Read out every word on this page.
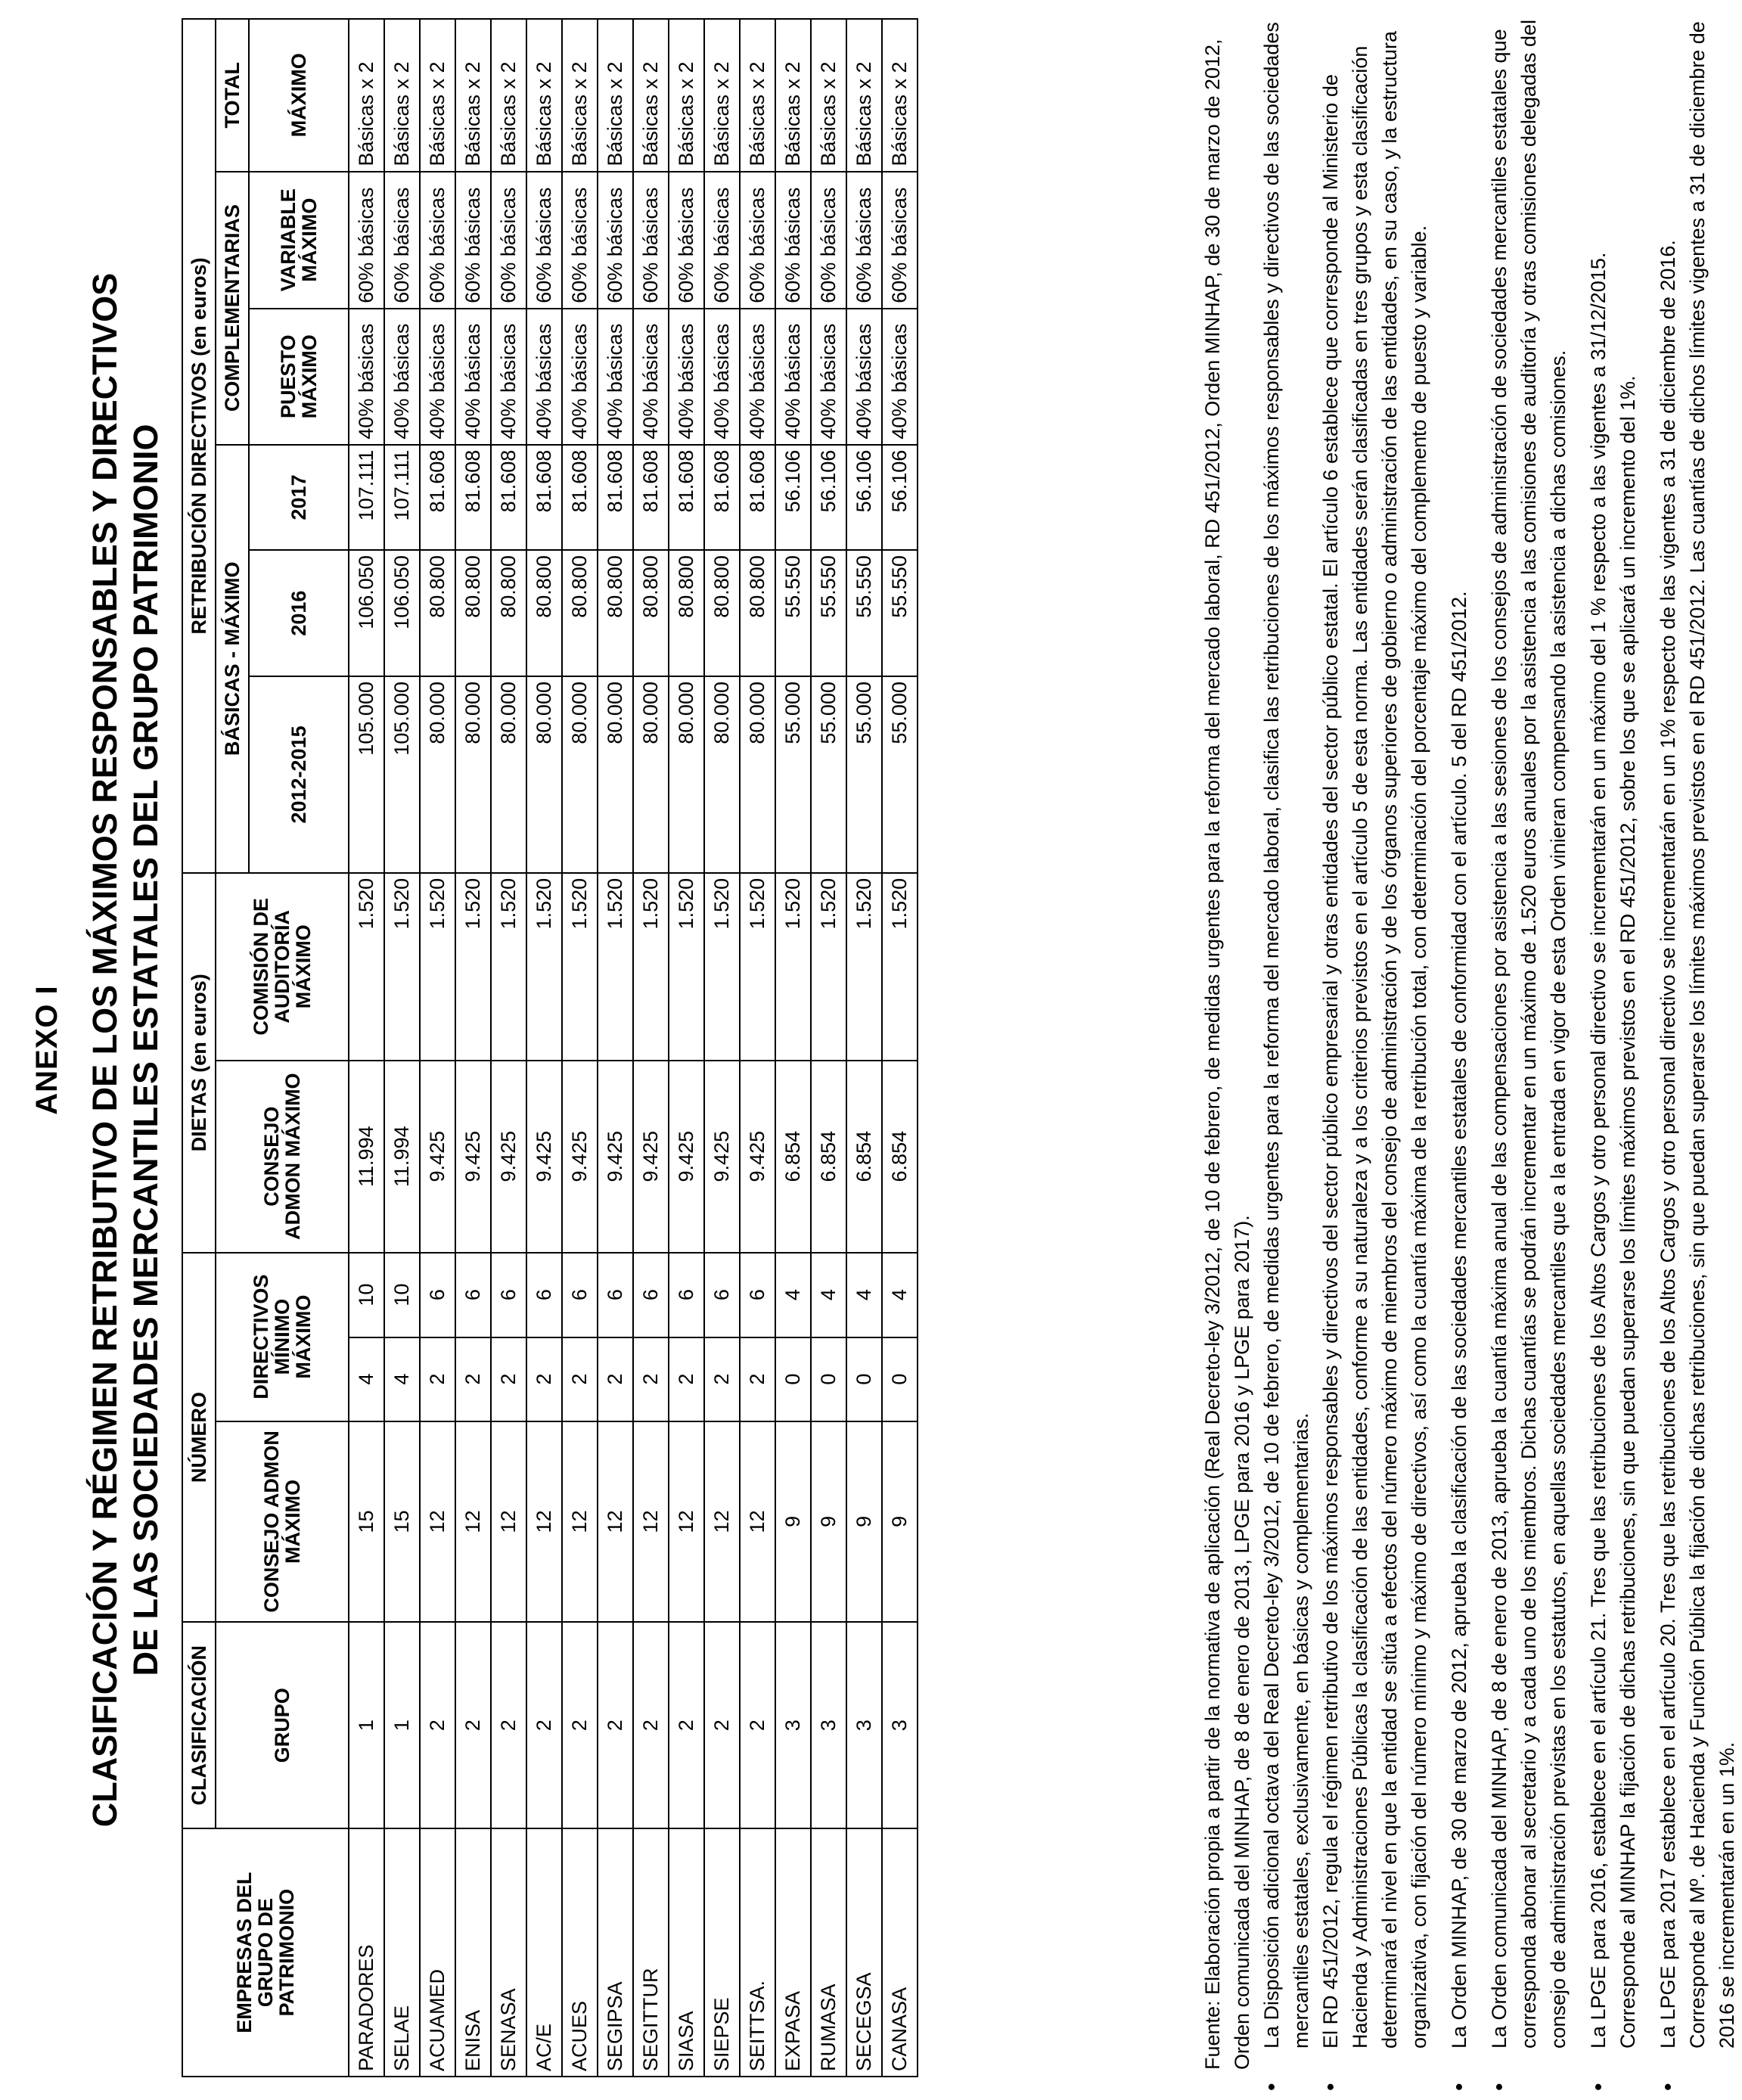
ANEXO I CLASIFICACIÓN Y RÉGIMEN RETRIBUTIVO DE LOS MÁXIMOS RESPONSABLES Y DIRECTIVOS DE LAS SOCIEDADES MERCANTILES ESTATALES DEL GRUPO PATRIMONIO
EMPRESAS DEL GRUPO DE PATRIMONIO	CLASIFICACIÓN	NÚMERO			DIETAS (en euros)		RETRIBUCIÓN DIRECTIVOS (en euros)					
	GRUPO	CONSEJO ADMON MÁXIMO	DIRECTIVOS MÍNIMO MÁXIMO		CONSEJO ADMON MÁXIMO	COMISIÓN DE AUDITORÍA MÁXIMO	BÁSICAS - MÁXIMO			COMPLEMENTARIAS		TOTAL
							2012-2015	2016	2017	PUESTO MÁXIMO	VARIABLE MÁXIMO	MÁXIMO
PARADORES	1	15	4	10	11.994	1.520	105.000	106.050	107.111	40% básicas	60% básicas	Básicas x 2
SELAE	1	15	4	10	11.994	1.520	105.000	106.050	107.111	40% básicas	60% básicas	Básicas x 2
ACUAMED	2	12	2	6	9.425	1.520	80.000	80.800	81.608	40% básicas	60% básicas	Básicas x 2
ENISA	2	12	2	6	9.425	1.520	80.000	80.800	81.608	40% básicas	60% básicas	Básicas x 2
SENASA	2	12	2	6	9.425	1.520	80.000	80.800	81.608	40% básicas	60% básicas	Básicas x 2
AC/E	2	12	2	6	9.425	1.520	80.000	80.800	81.608	40% básicas	60% básicas	Básicas x 2
ACUES	2	12	2	6	9.425	1.520	80.000	80.800	81.608	40% básicas	60% básicas	Básicas x 2
SEGIPSA	2	12	2	6	9.425	1.520	80.000	80.800	81.608	40% básicas	60% básicas	Básicas x 2
SEGITTUR	2	12	2	6	9.425	1.520	80.000	80.800	81.608	40% básicas	60% básicas	Básicas x 2
SIASA	2	12	2	6	9.425	1.520	80.000	80.800	81.608	40% básicas	60% básicas	Básicas x 2
SIEPSE	2	12	2	6	9.425	1.520	80.000	80.800	81.608	40% básicas	60% básicas	Básicas x 2
SEITTSA.	2	12	2	6	9.425	1.520	80.000	80.800	81.608	40% básicas	60% básicas	Básicas x 2
EXPASA	3	9	0	4	6.854	1.520	55.000	55.550	56.106	40% básicas	60% básicas	Básicas x 2
RUMASA	3	9	0	4	6.854	1.520	55.000	55.550	56.106	40% básicas	60% básicas	Básicas x 2
SECEGSA	3	9	0	4	6.854	1.520	55.000	55.550	56.106	40% básicas	60% básicas	Básicas x 2
CANASA	3	9	0	4	6.854	1.520	55.000	55.550	56.106	40% básicas	60% básicas	Básicas x 2	Fuente: Elaboración propia a partir de la normativa de aplicación (Real Decreto-ley 3/2012, de 10 de febrero, de medidas urgentes para la reforma del mercado laboral, RD 451/2012, Orden MINHAP, de 30 de marzo de 2012, Orden comunicada del MINHAP, de 8 de enero de 2013, LPGE para 2016 y LPGE para 2017). • La Disposición adicional octava del Real Decreto-ley 3/2012, de 10 de febrero, de medidas urgentes para la reforma del mercado laboral, clasifica las retribuciones de los máximos responsables y directivos de las sociedades mercantiles estatales, exclusivamente, en básicas y complementarias. • El RD 451/2012, regula el régimen retributivo de los máximos responsables y directivos del sector público empresarial y otras entidades del sector público estatal. El artículo 6 establece que corresponde al Ministerio de Hacienda y Administraciones Públicas la clasificación de las entidades, conforme a su naturaleza y a los criterios previstos en el artículo 5 de esta norma. Las entidades serán clasificadas en tres grupos y esta clasificación determinará el nivel en que la entidad se sitúa a efectos del número máximo de miembros del consejo de administración y de los órganos superiores de gobierno o administración de las entidades, en su caso, y la estructura organizativa, con fijación del número mínimo y máximo de directivos, así como la cuantía máxima de la retribución total, con determinación del porcentaje máximo del complemento de puesto y variable. • La Orden MINHAP, de 30 de marzo de 2012, aprueba la clasificación de las sociedades mercantiles estatales de conformidad con el artículo. 5 del RD 451/2012. • La Orden comunicada del MINHAP, de 8 de enero de 2013, aprueba la cuantía máxima anual de las compensaciones por asistencia a las sesiones de los consejos de administración de sociedades mercantiles estatales que corresponda abonar al secretario y a cada uno de los miembros. Dichas cuantías se podrán incrementar en un máximo de 1.520 euros anuales por la asistencia a las comisiones de auditoría y otras comisiones delegadas del consejo de administración previstas en los estatutos, en aquellas sociedades mercantiles que a la entrada en vigor de esta Orden vinieran compensando la asistencia a dichas comisiones. • La LPGE para 2016, establece en el artículo 21. Tres que las retribuciones de los Altos Cargos y otro personal directivo se incrementarán en un máximo del 1 % respecto a las vigentes a 31/12/2015. Corresponde al MINHAP la fijación de dichas retribuciones, sin que puedan superarse los límites máximos previstos en el RD 451/2012, sobre los que se aplicará un incremento del 1%. • La LPGE para 2017 establece en el artículo 20. Tres que las retribuciones de los Altos Cargos y otro personal directivo se incrementarán en un 1% respecto de las vigentes a 31 de diciembre de 2016. Corresponde al Mº. de Hacienda y Función Pública la fijación de dichas retribuciones, sin que puedan superarse los límites máximos previstos en el RD 451/2012. Las cuantías de dichos límites vigentes a 31 de diciembre de 2016 se incrementarán en un 1%.
